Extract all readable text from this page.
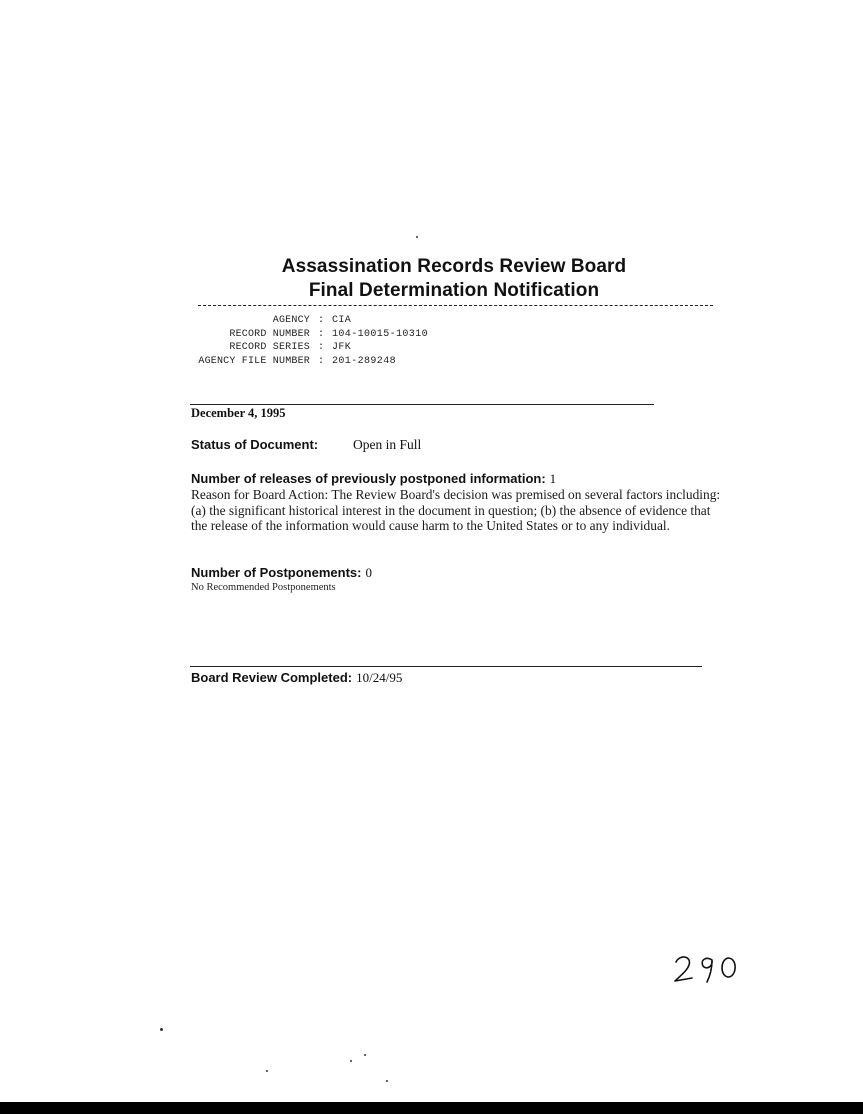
Assassination Records Review Board
Final Determination Notification
AGENCY : CIA
RECORD NUMBER : 104-10015-10310
RECORD SERIES : JFK
AGENCY FILE NUMBER : 201-289248
December 4, 1995
Status of Document:	Open in Full
Number of releases of previously postponed information: 1
Reason for Board Action: The Review Board's decision was premised on several factors including: (a) the significant historical interest in the document in question; (b) the absence of evidence that the release of the information would cause harm to the United States or to any individual.
Number of Postponements: 0
No Recommended Postponements
Board Review Completed: 10/24/95
